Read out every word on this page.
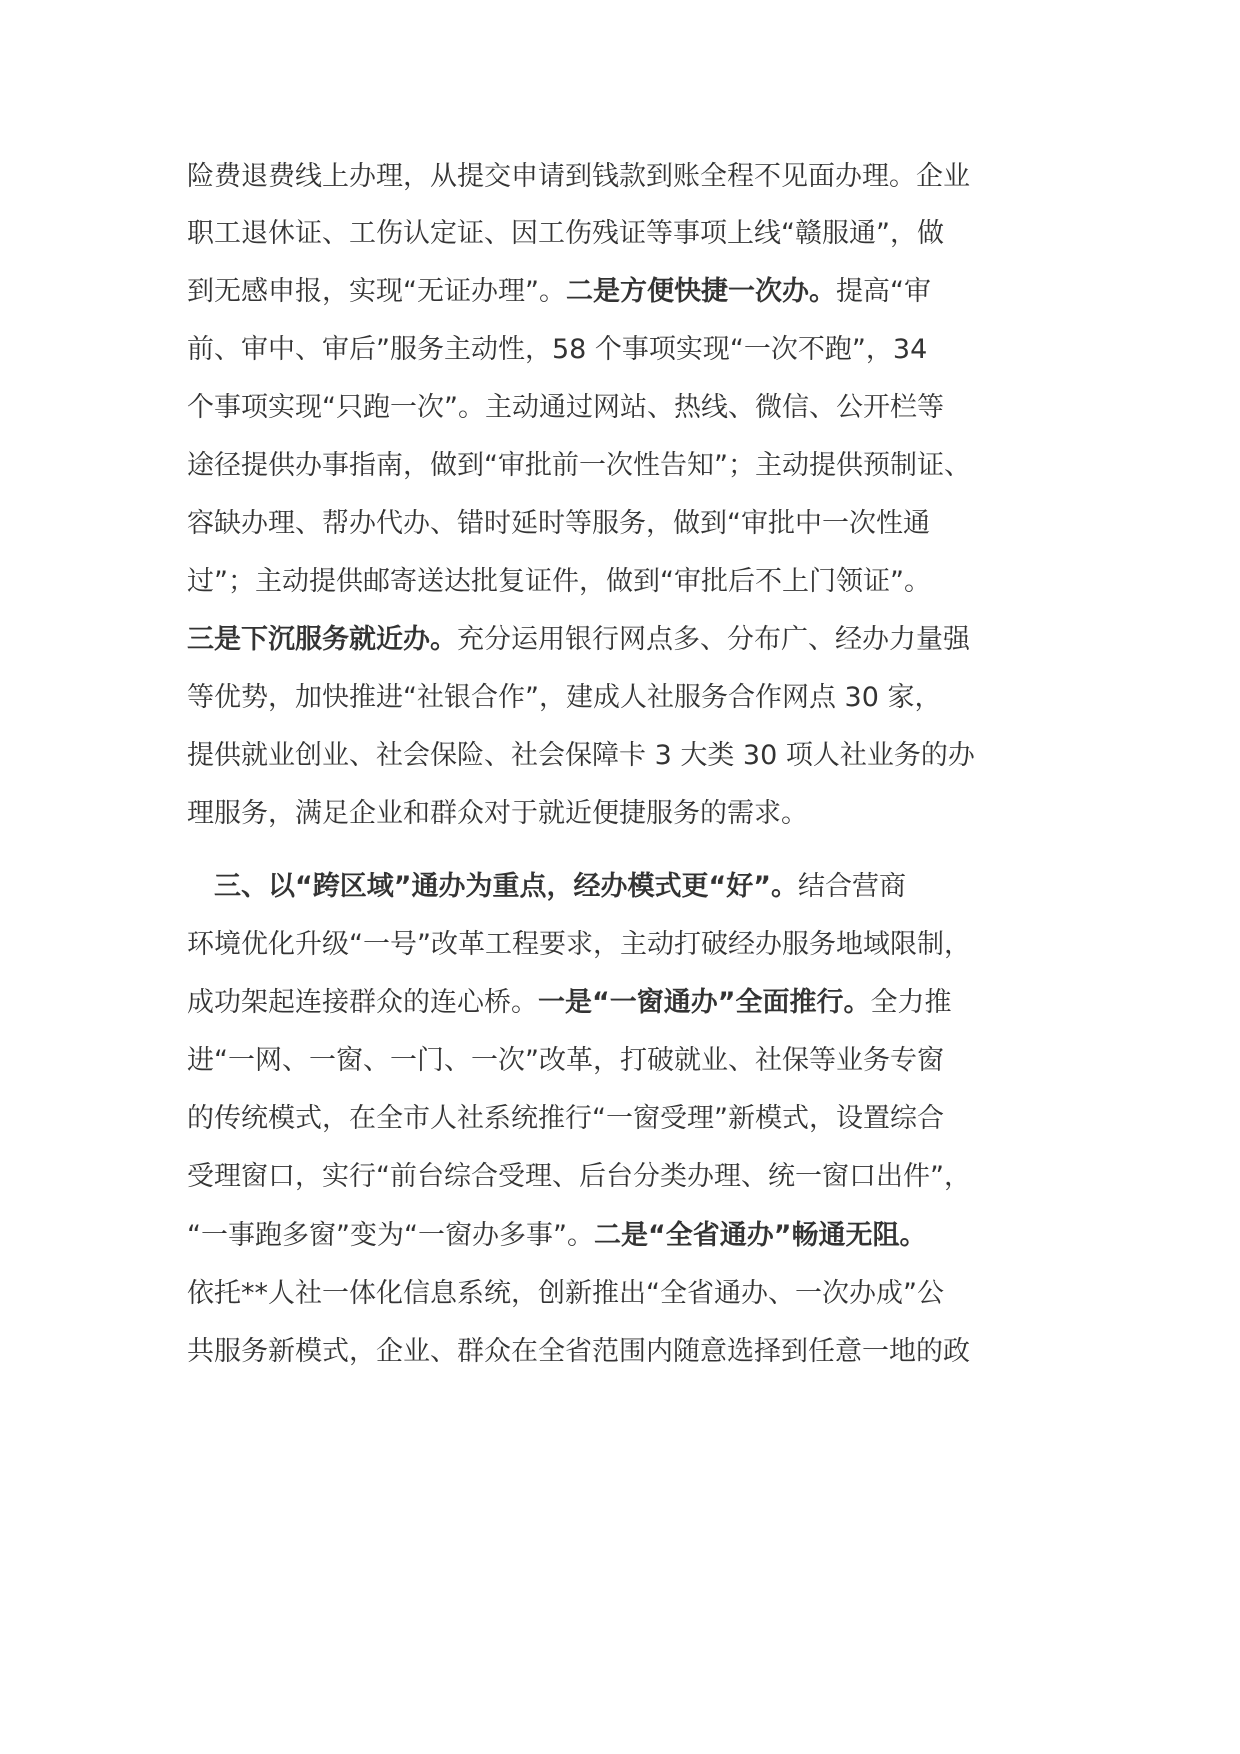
险费退费线上办理，从提交申请到钱款到账全程不见面办理。企业
职工退休证、工伤认定证、因工伤残证等事项上线“赣服通”，做
到无感申报，实现“无证办理”。二是方便快捷一次办。提高“审
前、审中、审后”服务主动性，58 个事项实现“一次不跑”，34
个事项实现“只跑一次”。主动通过网站、热线、微信、公开栏等
途径提供办事指南，做到“审批前一次性告知”；主动提供预制证、
容缺办理、帮办代办、错时延时等服务，做到“审批中一次性通
过”；主动提供邮寄送达批复证件，做到“审批后不上门领证”。
三是下沉服务就近办。充分运用银行网点多、分布广、经办力量强
等优势，加快推进“社银合作”，建成人社服务合作网点 30 家，
提供就业创业、社会保险、社会保障卡 3 大类 30 项人社业务的办
理服务，满足企业和群众对于就近便捷服务的需求。
　三、以“跨区域”通办为重点，经办模式更“好”。结合营商
环境优化升级“一号”改革工程要求，主动打破经办服务地域限制，
成功架起连接群众的连心桥。一是“一窗通办”全面推行。全力推
进“一网、一窗、一门、一次”改革，打破就业、社保等业务专窗
的传统模式，在全市人社系统推行“一窗受理”新模式，设置综合
受理窗口，实行“前台综合受理、后台分类办理、统一窗口出件”，
“一事跑多窗”变为“一窗办多事”。二是“全省通办”畅通无阻。
依托**人社一体化信息系统，创新推出“全省通办、一次办成”公
共服务新模式，企业、群众在全省范围内随意选择到任意一地的政
